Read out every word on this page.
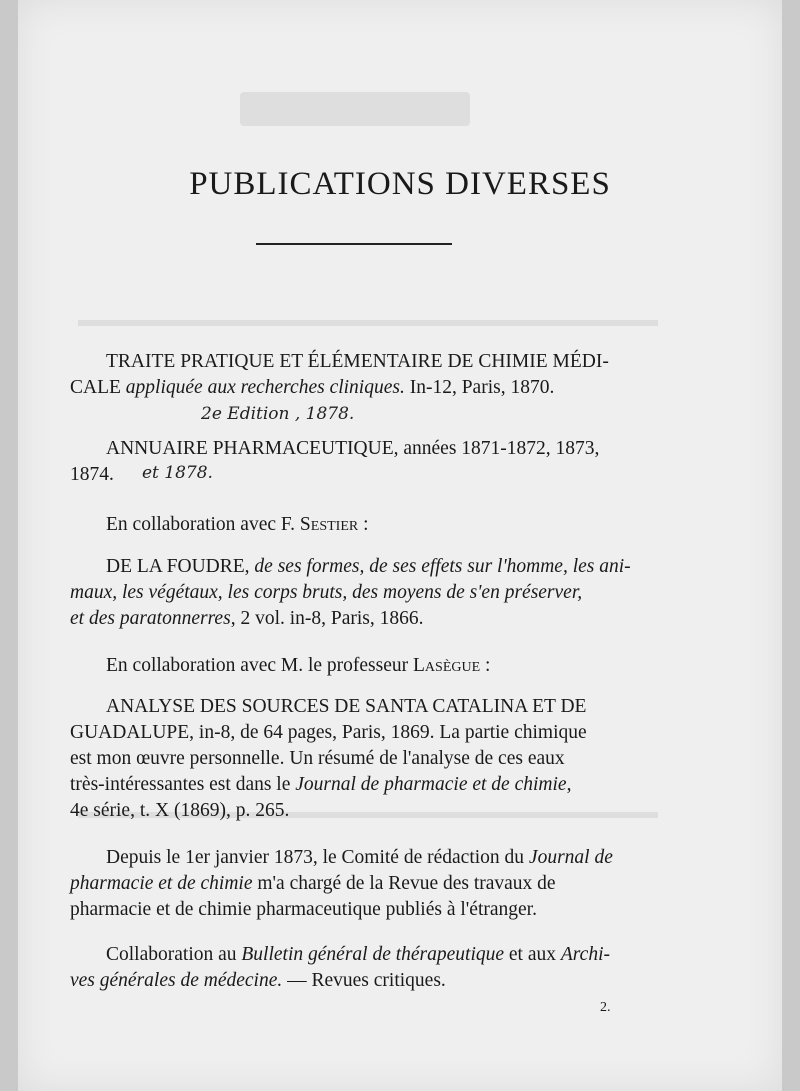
PUBLICATIONS DIVERSES
TRAITE PRATIQUE ET ÉLÉMENTAIRE DE CHIMIE MÉDI-
CALE appliquée aux recherches cliniques. In-12, Paris, 1870.
2e Edition , 1878.
ANNUAIRE PHARMACEUTIQUE, années 1871-1872, 1873,
1874.	et 1878.
En collaboration avec F. Sestier :
DE LA FOUDRE, de ses formes, de ses effets sur l'homme, les ani-
maux, les végétaux, les corps bruts, des moyens de s'en préserver,
et des paratonnerres, 2 vol. in-8, Paris, 1866.
En collaboration avec M. le professeur Lasègue :
ANALYSE DES SOURCES DE SANTA CATALINA ET DE
GUADALUPE, in-8, de 64 pages, Paris, 1869. La partie chimique
est mon œuvre personnelle. Un résumé de l'analyse de ces eaux
très-intéressantes est dans le Journal de pharmacie et de chimie,
4e série, t. X (1869), p. 265.
Depuis le 1er janvier 1873, le Comité de rédaction du Journal de
pharmacie et de chimie m'a chargé de la Revue des travaux de
pharmacie et de chimie pharmaceutique publiés à l'étranger.
Collaboration au Bulletin général de thérapeutique et aux Archi-
ves générales de médecine. — Revues critiques.
2.
